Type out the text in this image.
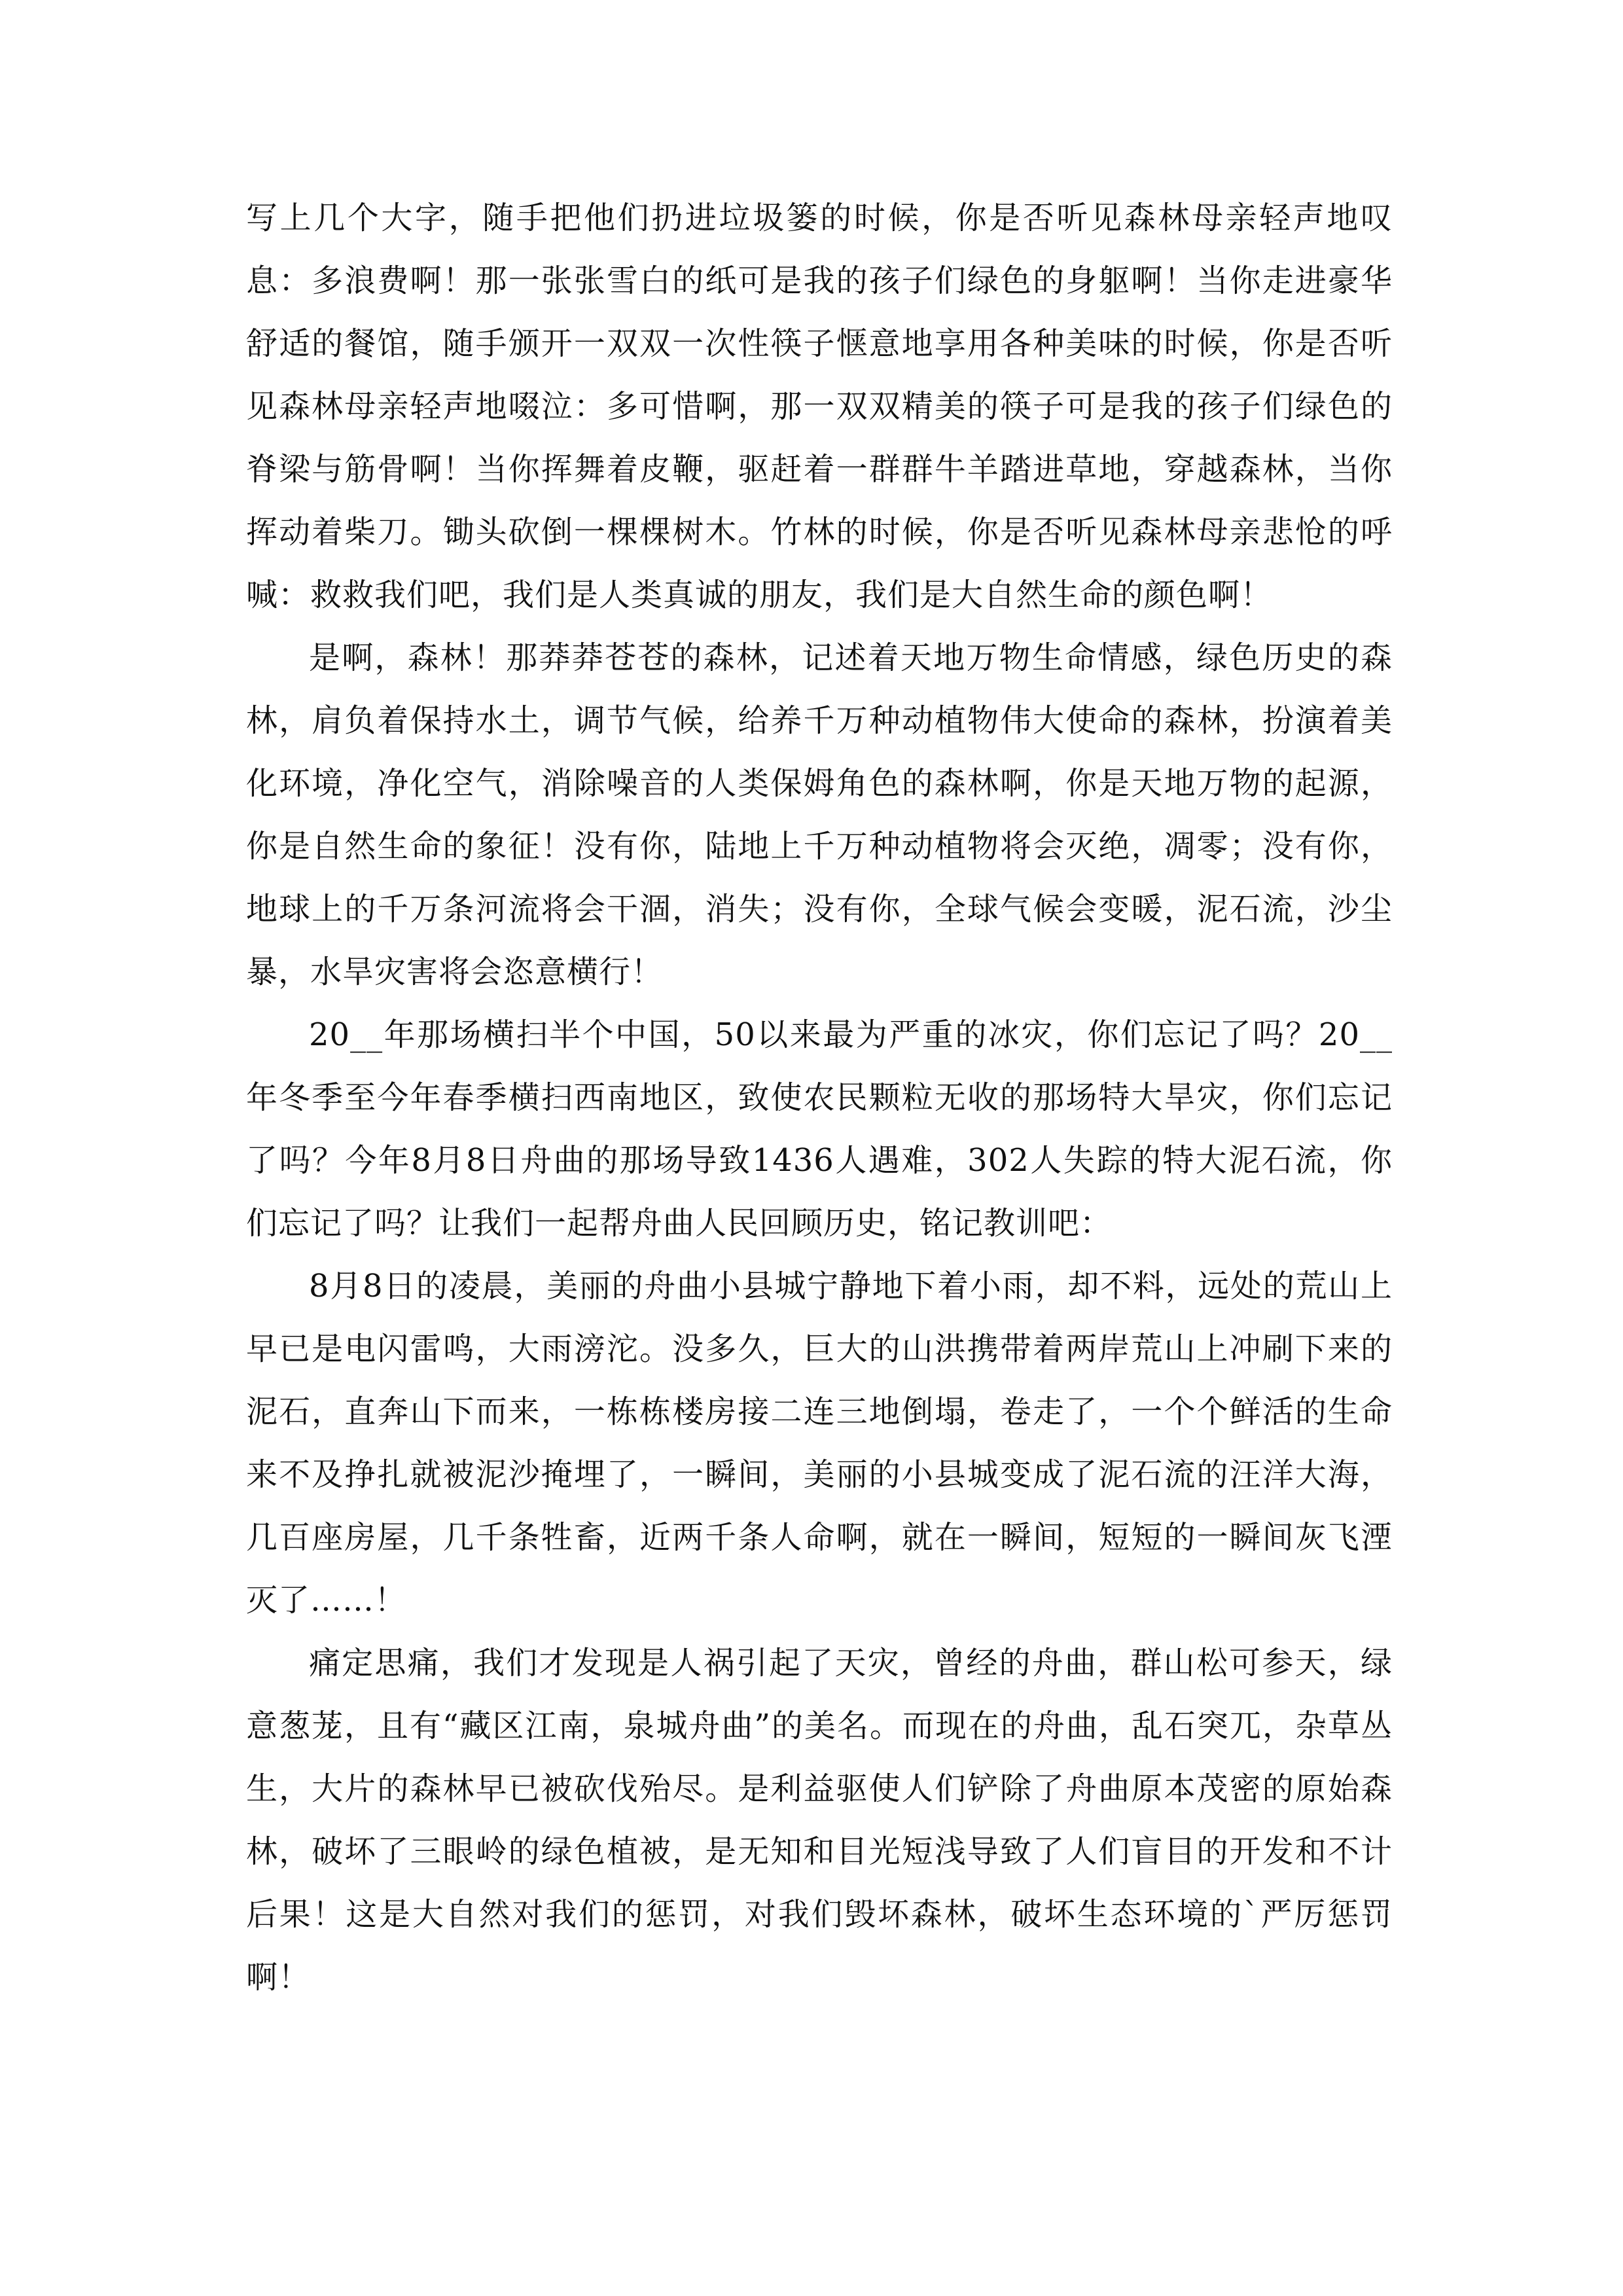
写上几个大字，随手把他们扔进垃圾篓的时候，你是否听见森林母亲轻声地叹息：多浪费啊！那一张张雪白的纸可是我的孩子们绿色的身躯啊！当你走进豪华舒适的餐馆，随手颁开一双双一次性筷子惬意地享用各种美味的时候，你是否听见森林母亲轻声地啜泣：多可惜啊，那一双双精美的筷子可是我的孩子们绿色的脊梁与筋骨啊！当你挥舞着皮鞭，驱赶着一群群牛羊踏进草地，穿越森林，当你挥动着柴刀。锄头砍倒一棵棵树木。竹林的时候，你是否听见森林母亲悲怆的呼喊：救救我们吧，我们是人类真诚的朋友，我们是大自然生命的颜色啊！

是啊，森林！那莽莽苍苍的森林，记述着天地万物生命情感，绿色历史的森林，肩负着保持水土，调节气候，给养千万种动植物伟大使命的森林，扮演着美化环境，净化空气，消除噪音的人类保姆角色的森林啊，你是天地万物的起源，你是自然生命的象征！没有你，陆地上千万种动植物将会灭绝，凋零；没有你，地球上的千万条河流将会干涸，消失；没有你，全球气候会变暖，泥石流，沙尘暴，水旱灾害将会恣意横行！

20__年那场横扫半个中国，50以来最为严重的冰灾，你们忘记了吗？20__年冬季至今年春季横扫西南地区，致使农民颗粒无收的那场特大旱灾，你们忘记了吗？今年8月8日舟曲的那场导致1436人遇难，302人失踪的特大泥石流，你们忘记了吗？让我们一起帮舟曲人民回顾历史，铭记教训吧：

8月8日的凌晨，美丽的舟曲小县城宁静地下着小雨，却不料，远处的荒山上早已是电闪雷鸣，大雨滂沱。没多久，巨大的山洪携带着两岸荒山上冲刷下来的泥石，直奔山下而来，一栋栋楼房接二连三地倒塌，卷走了，一个个鲜活的生命来不及挣扎就被泥沙掩埋了，一瞬间，美丽的小县城变成了泥石流的汪洋大海，几百座房屋，几千条牲畜，近两千条人命啊，就在一瞬间，短短的一瞬间灰飞湮灭了……！

痛定思痛，我们才发现是人祸引起了天灾，曾经的舟曲，群山松可参天，绿意葱茏，且有“藏区江南，泉城舟曲”的美名。而现在的舟曲，乱石突兀，杂草丛生，大片的森林早已被砍伐殆尽。是利益驱使人们铲除了舟曲原本茂密的原始森林，破坏了三眼岭的绿色植被，是无知和目光短浅导致了人们盲目的开发和不计后果！这是大自然对我们的惩罚，对我们毁坏森林，破坏生态环境的`严厉惩罚啊！
